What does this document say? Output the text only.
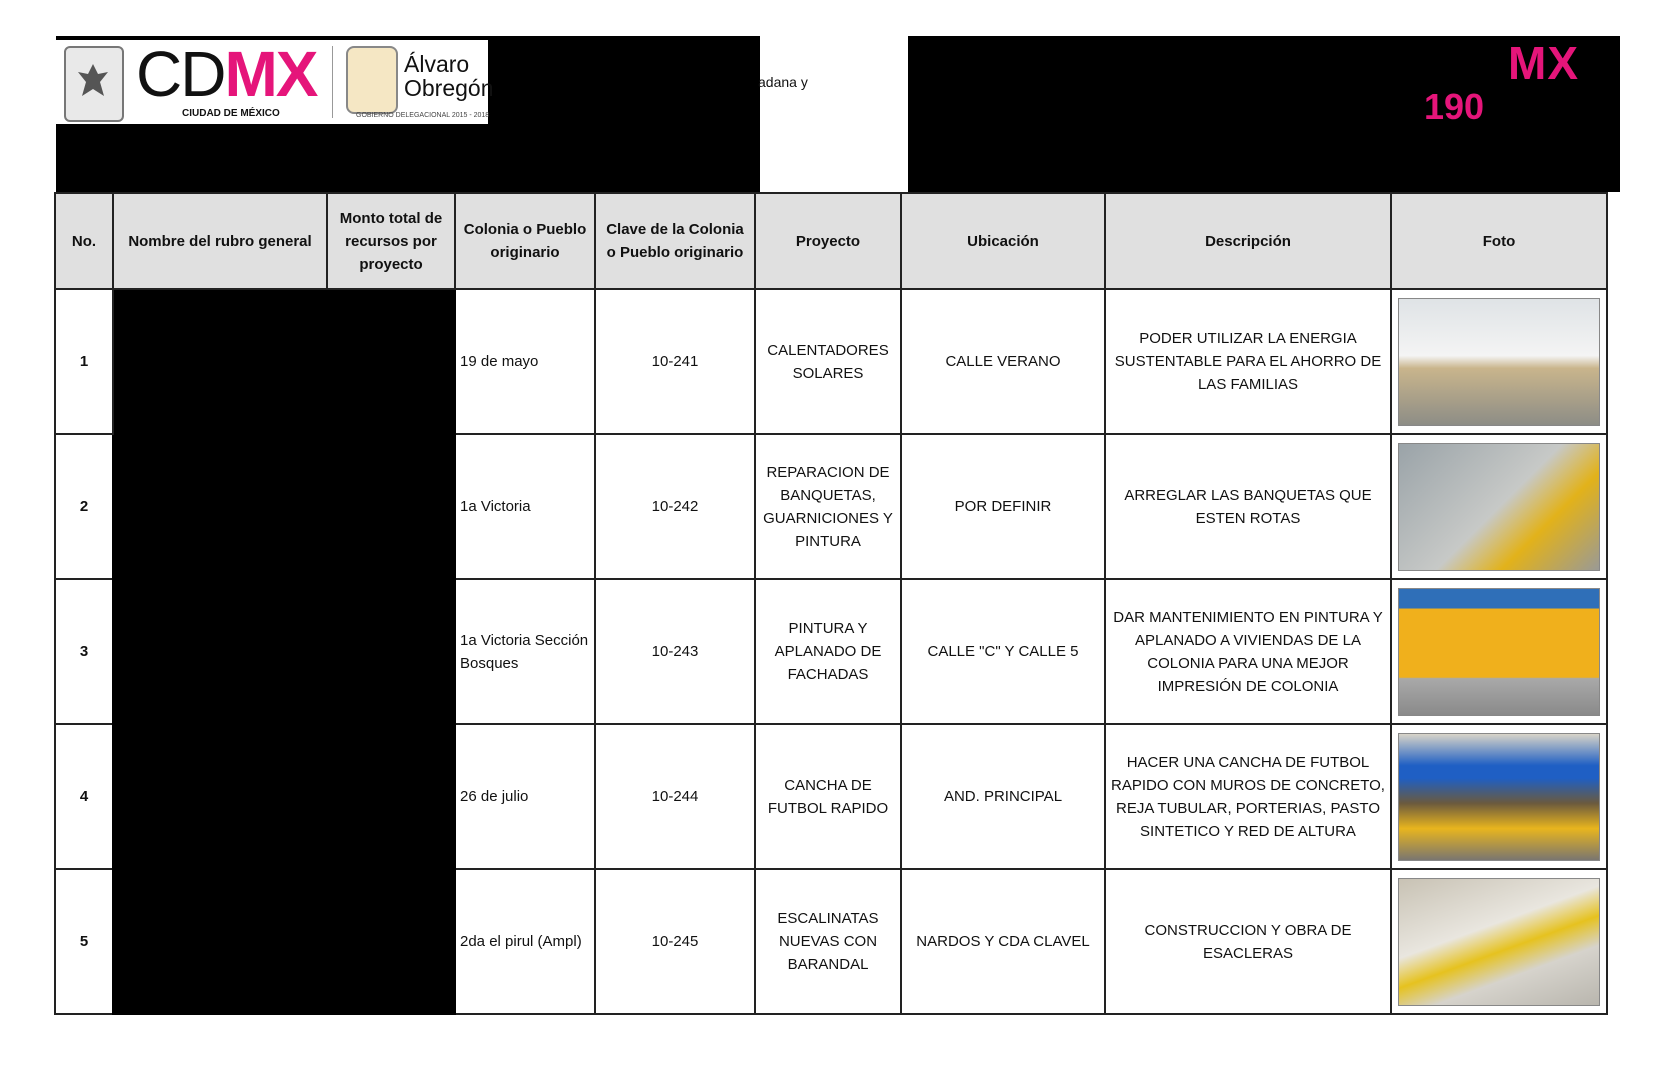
CDMX
CIUDAD DE MÉXICO
Álvaro
Obregón
GOBIERNO DELEGACIONAL 2015 - 2018
adana y	MX
190
No.	Nombre del rubro general	Monto total de recursos por proyecto	Colonia o Pueblo originario	Clave de la Colonia o Pueblo originario	Proyecto	Ubicación	Descripción	Foto
1			19 de mayo	10-241	CALENTADORES SOLARES	CALLE VERANO	PODER UTILIZAR LA ENERGIA SUSTENTABLE PARA EL AHORRO DE LAS FAMILIAS	

2			1a Victoria	10-242	REPARACION DE BANQUETAS, GUARNICIONES Y PINTURA	POR DEFINIR	ARREGLAR LAS BANQUETAS QUE ESTEN ROTAS	

3			1a Victoria Sección Bosques	10-243	PINTURA Y APLANADO DE FACHADAS	CALLE "C" Y CALLE 5	DAR MANTENIMIENTO EN PINTURA Y APLANADO A VIVIENDAS DE LA COLONIA PARA UNA MEJOR IMPRESIÓN DE COLONIA	

4			26 de julio	10-244	CANCHA DE FUTBOL RAPIDO	AND. PRINCIPAL	HACER UNA CANCHA DE FUTBOL RAPIDO CON MUROS DE CONCRETO, REJA TUBULAR, PORTERIAS, PASTO SINTETICO Y RED DE ALTURA	

5			2da el pirul (Ampl)	10-245	ESCALINATAS NUEVAS CON BARANDAL	NARDOS Y CDA CLAVEL	CONSTRUCCION Y OBRA DE ESACLERAS	
